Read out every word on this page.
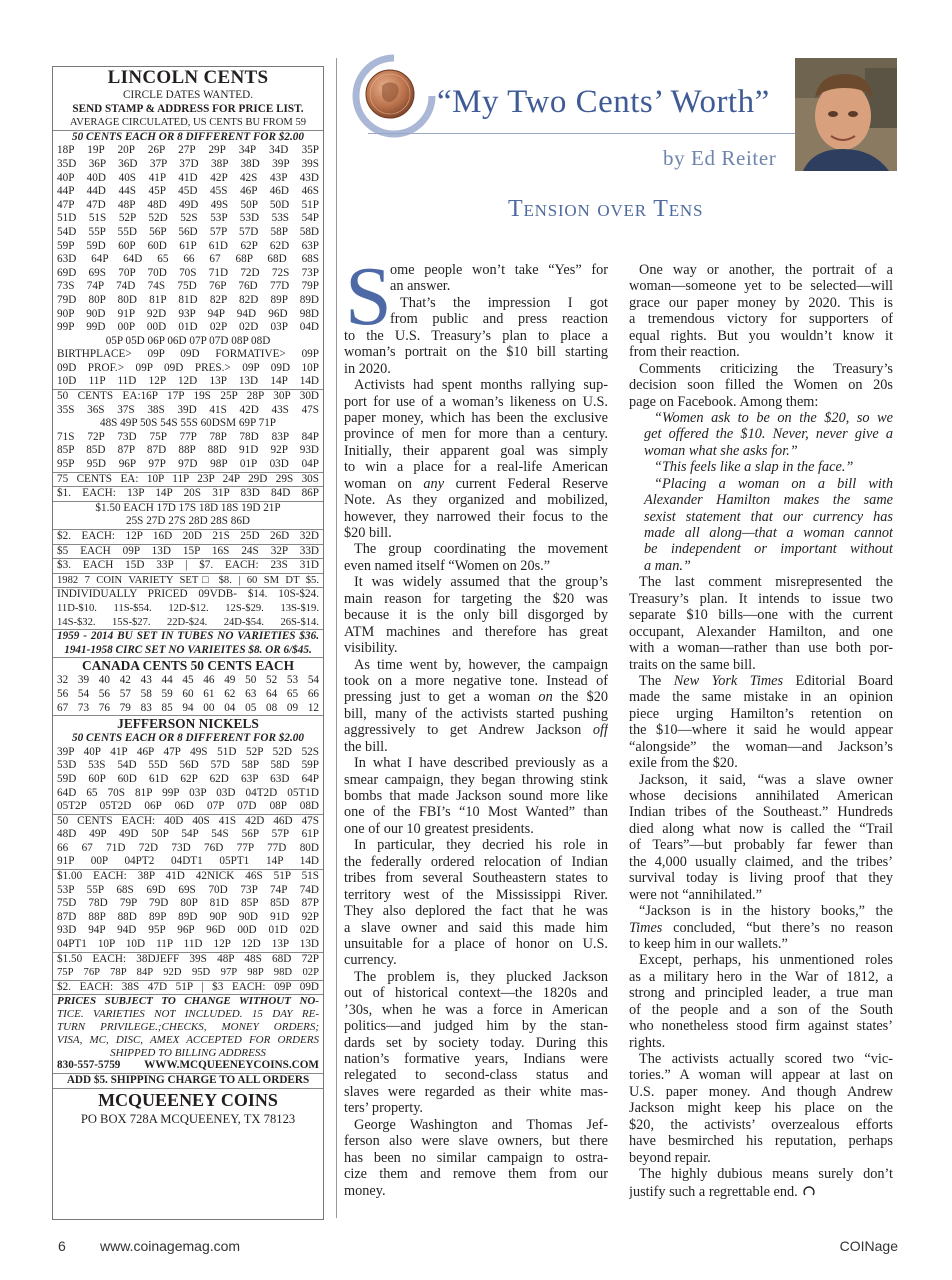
LINCOLN CENTS
CIRCLE DATES WANTED.
SEND STAMP & ADDRESS FOR PRICE LIST.
AVERAGE CIRCULATED, US CENTS BU FROM 59
50 CENTS EACH OR 8 DIFFERENT FOR $2.00
18P 19P 20P 26P 27P 29P 34P 34D 35P
35D 36P 36D 37P 37D 38P 38D 39P 39S
40P 40D 40S 41P 41D 42P 42S 43P 43D
44P 44D 44S 45P 45D 45S 46P 46D 46S
47P 47D 48P 48D 49D 49S 50P 50D 51P
51D 51S 52P 52D 52S 53P 53D 53S 54P
54D 55P 55D 56P 56D 57P 57D 58P 58D
59P 59D 60P 60D 61P 61D 62P 62D 63P
63D 64P 64D 65 66 67 68P 68D 68S
69D 69S 70P 70D 70S 71D 72D 72S 73P
73S 74P 74D 74S 75D 76P 76D 77D 79P
79D 80P 80D 81P 81D 82P 82D 89P 89D
90P 90D 91P 92D 93P 94P 94D 96D 98D
99P 99D 00P 00D 01D 02P 02D 03P 04D
05P 05D 06P 06D 07P 07D 08P 08D
BIRTHPLACE> 09P 09D FORMATIVE> 09P
09D PROF.> 09P 09D PRES.> 09P 09D 10P
10D 11P 11D 12P 12D 13P 13D 14P 14D
50 CENTS EA:16P 17P 19S 25P 28P 30P 30D
35S 36S 37S 38S 39D 41S 42D 43S 47S
48S 49P 50S 54S 55S 60DSM 69P 71P
71S 72P 73D 75P 77P 78P 78D 83P 84P
85P 85D 87P 87D 88P 88D 91D 92P 93D
95P 95D 96P 97P 97D 98P 01P 03D 04P
75 CENTS EA: 10P 11P 23P 24P 29D 29S 30S
$1. EACH: 13P 14P 20S 31P 83D 84D 86P
$1.50 EACH 17D 17S 18D 18S 19D 21P
25S 27D 27S 28D 28S 86D
$2. EACH: 12P 16D 20D 21S 25D 26D 32D
$5 EACH 09P 13D 15P 16S 24S 32P 33D
$3. EACH 15D 33P | $7. EACH: 23S 31D
1982 7 COIN VARIETY SET□ $8. | 60 SM DT $5.
INDIVIDUALLY PRICED 09VDB- $14. 10S-$24.
11D-$10. 11S-$54. 12D-$12. 12S-$29. 13S-$19.
14S-$32. 15S-$27. 22D-$24. 24D-$54. 26S-$14.
1959 - 2014 BU SET IN TUBES NO VARIETIES $36.
1941-1958 CIRC SET NO VARIEITES $8. OR 6/$45.
CANADA CENTS 50 CENTS EACH
32 39 40 42 43 44 45 46 49 50 52 53 54
56 54 56 57 58 59 60 61 62 63 64 65 66
67 73 76 79 83 85 94 00 04 05 08 09 12
JEFFERSON NICKELS
50 CENTS EACH OR 8 DIFFERENT FOR $2.00
39P 40P 41P 46P 47P 49S 51D 52P 52D 52S
53D 53S 54D 55D 56D 57D 58P 58D 59P
59D 60P 60D 61D 62P 62D 63P 63D 64P
64D 65 70S 81P 99P 03P 03D 04T2D 05T1D
05T2P 05T2D 06P 06D 07P 07D 08P 08D
50 CENTS EACH: 40D 40S 41S 42D 46D 47S
48D 49P 49D 50P 54P 54S 56P 57P 61P
66 67 71D 72D 73D 76D 77P 77D 80D
91P 00P 04PT2 04DT1 05PT1 14P 14D
$1.00 EACH: 38P 41D 42NICK 46S 51P 51S
53P 55P 68S 69D 69S 70D 73P 74P 74D
75D 78D 79P 79D 80P 81D 85P 85D 87P
87D 88P 88D 89P 89D 90P 90D 91D 92P
93D 94P 94D 95P 96P 96D 00D 01D 02D
04PT1 10P 10D 11P 11D 12P 12D 13P 13D
$1.50 EACH: 38DJEFF 39S 48P 48S 68D 72P
75P 76P 78P 84P 92D 95D 97P 98P 98D 02P
$2. EACH: 38S 47D 51P | $3 EACH: 09P 09D
PRICES SUBJECT TO CHANGE WITHOUT NO-
TICE. VARIETIES NOT INCLUDED. 15 DAY RE-
TURN PRIVILEGE.;CHECKS, MONEY ORDERS;
VISA, MC, DISC, AMEX ACCEPTED FOR ORDERS
SHIPPED TO BILLING ADDRESS
830-557-5759 WWW.MCQUEENEYCOINS.COM
ADD $5. SHIPPING CHARGE TO ALL ORDERS
MCQUEENEY COINS
PO BOX 728A MCQUEENEY, TX 78123
“My Two Cents’ Worth”
by Ed Reiter
Tension over Tens
S
ome people won’t take “Yes” for
an answer.
That’s the impression I got
from public and press reaction
to the U.S. Treasury’s plan to place a
woman’s portrait on the $10 bill starting
in 2020.
Activists had spent months rallying sup-
port for use of a woman’s likeness on U.S.
paper money, which has been the exclusive
province of men for more than a century.
Initially, their apparent goal was simply
to win a place for a real-life American
woman on any current Federal Reserve
Note. As they organized and mobilized,
however, they narrowed their focus to the
$20 bill.
The group coordinating the movement
even named itself “Women on 20s.”
It was widely assumed that the group’s
main reason for targeting the $20 was
because it is the only bill disgorged by
ATM machines and therefore has great
visibility.
As time went by, however, the campaign
took on a more negative tone. Instead of
pressing just to get a woman on the $20
bill, many of the activists started pushing
aggressively to get Andrew Jackson off
the bill.
In what I have described previously as a
smear campaign, they began throwing stink
bombs that made Jackson sound more like
one of the FBI’s “10 Most Wanted” than
one of our 10 greatest presidents.
In particular, they decried his role in
the federally ordered relocation of Indian
tribes from several Southeastern states to
territory west of the Mississippi River.
They also deplored the fact that he was
a slave owner and said this made him
unsuitable for a place of honor on U.S.
currency.
The problem is, they plucked Jackson
out of historical context—the 1820s and
’30s, when he was a force in American
politics—and judged him by the stan-
dards set by society today. During this
nation’s formative years, Indians were
relegated to second-class status and
slaves were regarded as their white mas-
ters’ property.
George Washington and Thomas Jef-
ferson also were slave owners, but there
has been no similar campaign to ostra-
cize them and remove them from our
money.
One way or another, the portrait of a
woman—someone yet to be selected—will
grace our paper money by 2020. This is
a tremendous victory for supporters of
equal rights. But you wouldn’t know it
from their reaction.
Comments criticizing the Treasury’s
decision soon filled the Women on 20s
page on Facebook. Among them:
“Women ask to be on the $20, so we
get offered the $10. Never, never give a
woman what she asks for.”
“This feels like a slap in the face.”
“Placing a woman on a bill with
Alexander Hamilton makes the same
sexist statement that our currency has
made all along—that a woman cannot
be independent or important without
a man.”
The last comment misrepresented the
Treasury’s plan. It intends to issue two
separate $10 bills—one with the current
occupant, Alexander Hamilton, and one
with a woman—rather than use both por-
traits on the same bill.
The New York Times Editorial Board
made the same mistake in an opinion
piece urging Hamilton’s retention on
the $10—where it said he would appear
“alongside” the woman—and Jackson’s
exile from the $20.
Jackson, it said, “was a slave owner
whose decisions annihilated American
Indian tribes of the Southeast.” Hundreds
died along what now is called the “Trail
of Tears”—but probably far fewer than
the 4,000 usually claimed, and the tribes’
survival today is living proof that they
were not “annihilated.”
“Jackson is in the history books,” the
Times concluded, “but there’s no reason
to keep him in our wallets.”
Except, perhaps, his unmentioned roles
as a military hero in the War of 1812, a
strong and principled leader, a true man
of the people and a son of the South
who nonetheless stood firm against states’
rights.
The activists actually scored two “vic-
tories.” A woman will appear at last on
U.S. paper money. And though Andrew
Jackson might keep his place on the
$20, the activists’ overzealous efforts
have besmirched his reputation, perhaps
beyond repair.
The highly dubious means surely don’t
justify such a regrettable end.
6 www.coinagemag.com	COINage
